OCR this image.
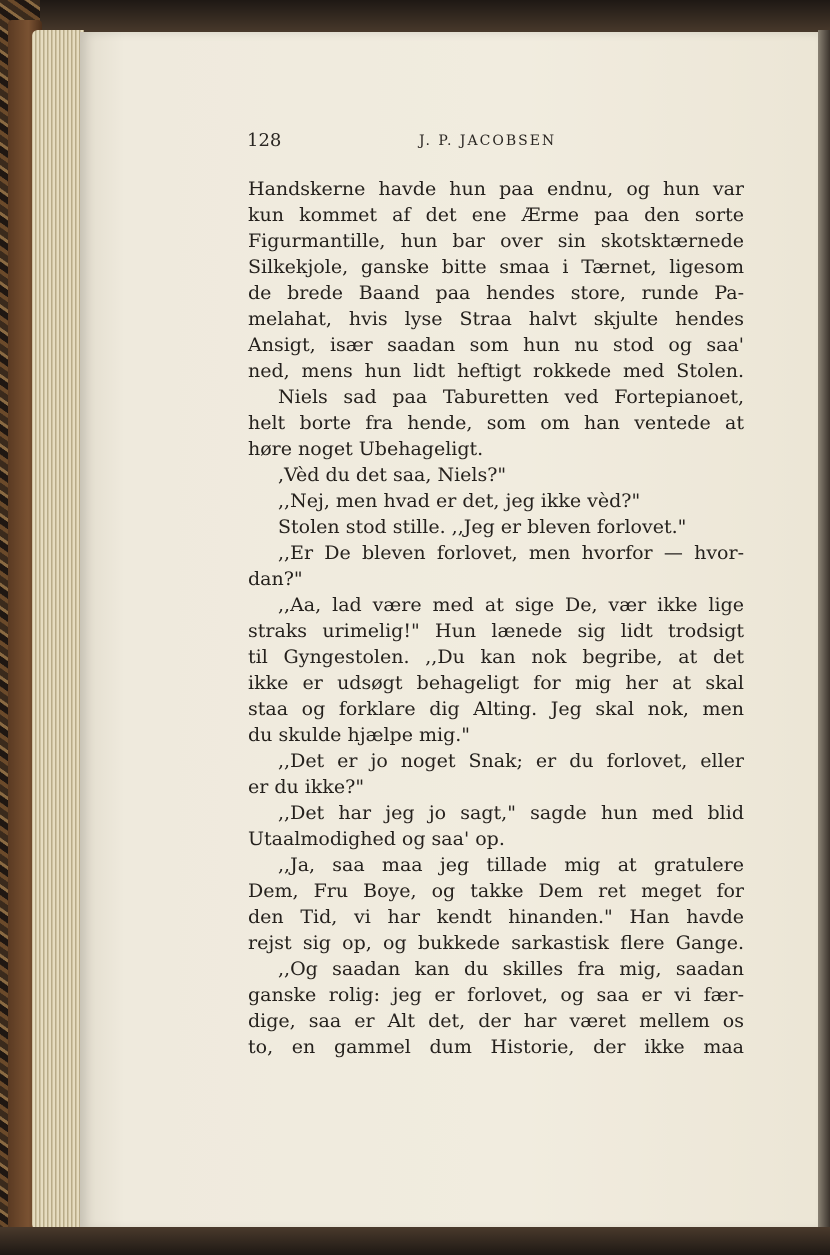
128	J. P. JACOBSEN
Handskerne havde hun paa endnu, og hun var
kun kommet af det ene Ærme paa den sorte
Figurmantille, hun bar over sin skotsktærnede
Silkekjole, ganske bitte smaa i Tærnet, ligesom
de brede Baand paa hendes store, runde Pa-
melahat, hvis lyse Straa halvt skjulte hendes
Ansigt, især saadan som hun nu stod og saa'
ned, mens hun lidt heftigt rokkede med Stolen.
Niels sad paa Taburetten ved Fortepianoet,
helt borte fra hende, som om han ventede at
høre noget Ubehageligt.
,Vèd du det saa, Niels?"
,,Nej, men hvad er det, jeg ikke vèd?"
Stolen stod stille. ,,Jeg er bleven forlovet."
,,Er De bleven forlovet, men hvorfor — hvor-
dan?"
,,Aa, lad være med at sige De, vær ikke lige
straks urimelig!" Hun lænede sig lidt trodsigt
til Gyngestolen. ,,Du kan nok begribe, at det
ikke er udsøgt behageligt for mig her at skal
staa og forklare dig Alting. Jeg skal nok, men
du skulde hjælpe mig."
,,Det er jo noget Snak; er du forlovet, eller
er du ikke?"
,,Det har jeg jo sagt," sagde hun med blid
Utaalmodighed og saa' op.
,,Ja, saa maa jeg tillade mig at gratulere
Dem, Fru Boye, og takke Dem ret meget for
den Tid, vi har kendt hinanden." Han havde
rejst sig op, og bukkede sarkastisk flere Gange.
,,Og saadan kan du skilles fra mig, saadan
ganske rolig: jeg er forlovet, og saa er vi fær-
dige, saa er Alt det, der har været mellem os
to, en gammel dum Historie, der ikke maa
